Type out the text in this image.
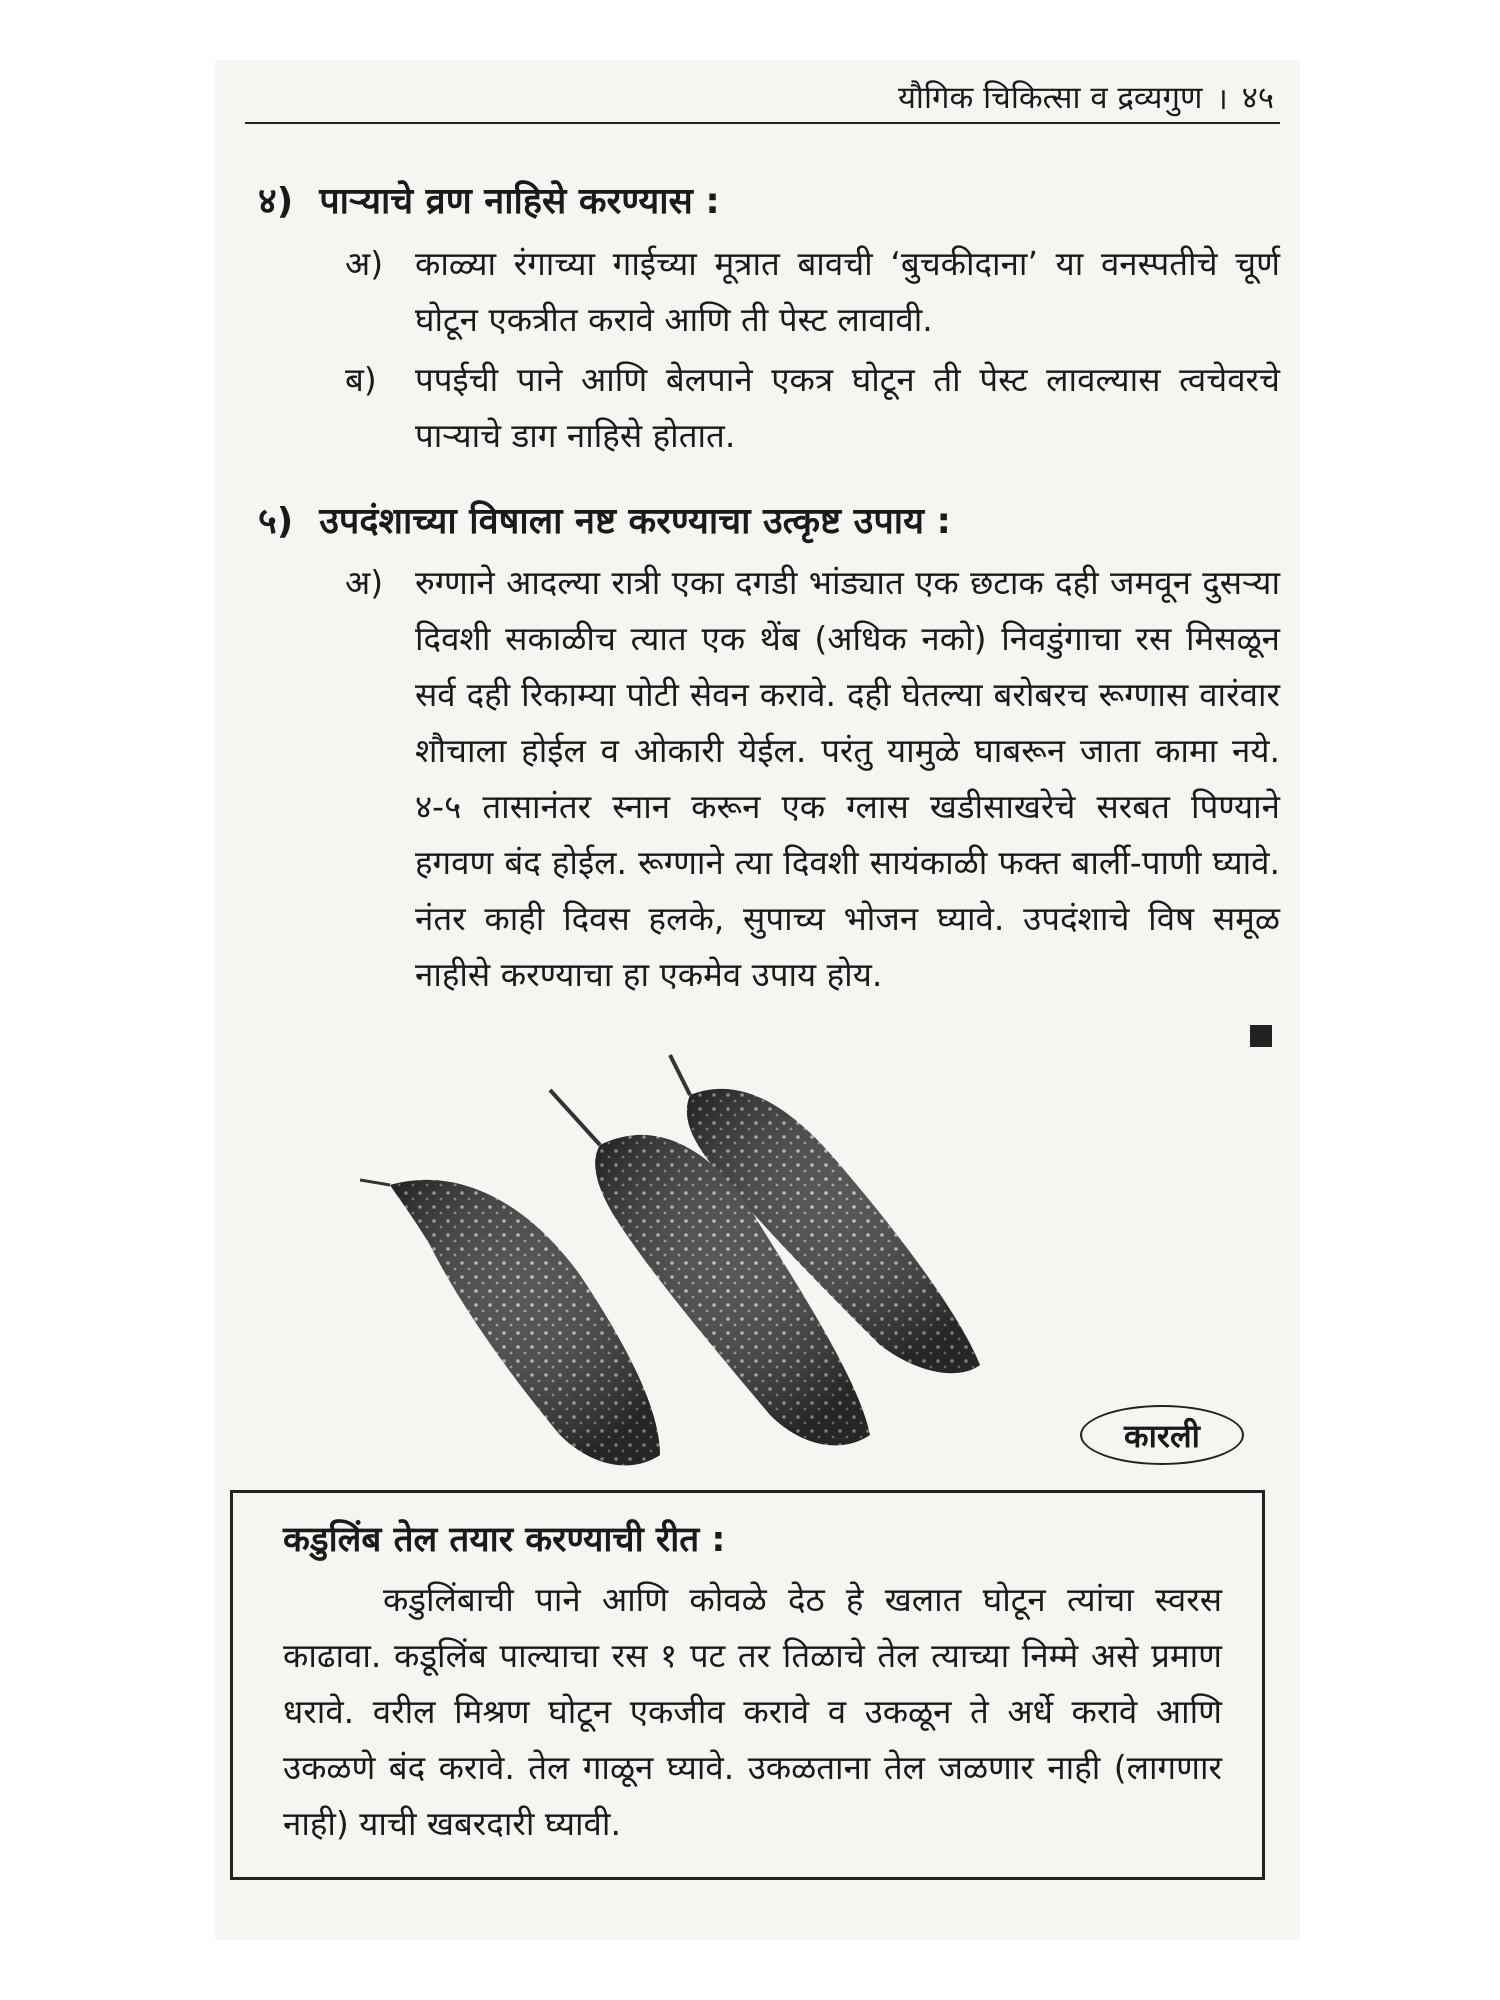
यौगिक चिकित्सा व द्रव्यगुण । ४५
४) पाऱ्याचे व्रण नाहिसे करण्यास :
अ) काळ्या रंगाच्या गाईच्या मूत्रात बावची ‘बुचकीदाना’ या वनस्पतीचे चूर्ण घोटून एकत्रीत करावे आणि ती पेस्ट लावावी.
ब)	पपईची पाने आणि बेलपाने एकत्र घोटून ती पेस्ट लावल्यास त्वचेवरचे पाऱ्याचे डाग नाहिसे होतात.
५) उपदंशाच्या विषाला नष्ट करण्याचा उत्कृष्ट उपाय :
अ) रुग्णाने आदल्या रात्री एका दगडी भांड्यात एक छटाक दही जमवून दुसऱ्या दिवशी सकाळीच त्यात एक थेंब (अधिक नको) निवडुंगाचा रस मिसळून सर्व दही रिकाम्या पोटी सेवन करावे. दही घेतल्या बरोबरच रूग्णास वारंवार शौचाला होईल व ओकारी येईल. परंतु यामुळे घाबरून जाता कामा नये. ४-५ तासानंतर स्नान करून एक ग्लास खडीसाखरेचे सरबत पिण्याने हगवण बंद होईल. रूग्णाने त्या दिवशी सायंकाळी फक्त बार्ली-पाणी घ्यावे. नंतर काही दिवस हलके, सुपाच्य भोजन घ्यावे. उपदंशाचे विष समूळ नाहीसे करण्याचा हा एकमेव उपाय होय.
कारली
कडुलिंब तेल तयार करण्याची रीत :
कडुलिंबाची पाने आणि कोवळे देठ हे खलात घोटून त्यांचा स्वरस काढावा. कडूलिंब पाल्याचा रस १ पट तर तिळाचे तेल त्याच्या निम्मे असे प्रमाण धरावे. वरील मिश्रण घोटून एकजीव करावे व उकळून ते अर्धे करावे आणि उकळणे बंद करावे. तेल गाळून घ्यावे. उकळताना तेल जळणार नाही (लागणार नाही) याची खबरदारी घ्यावी.
